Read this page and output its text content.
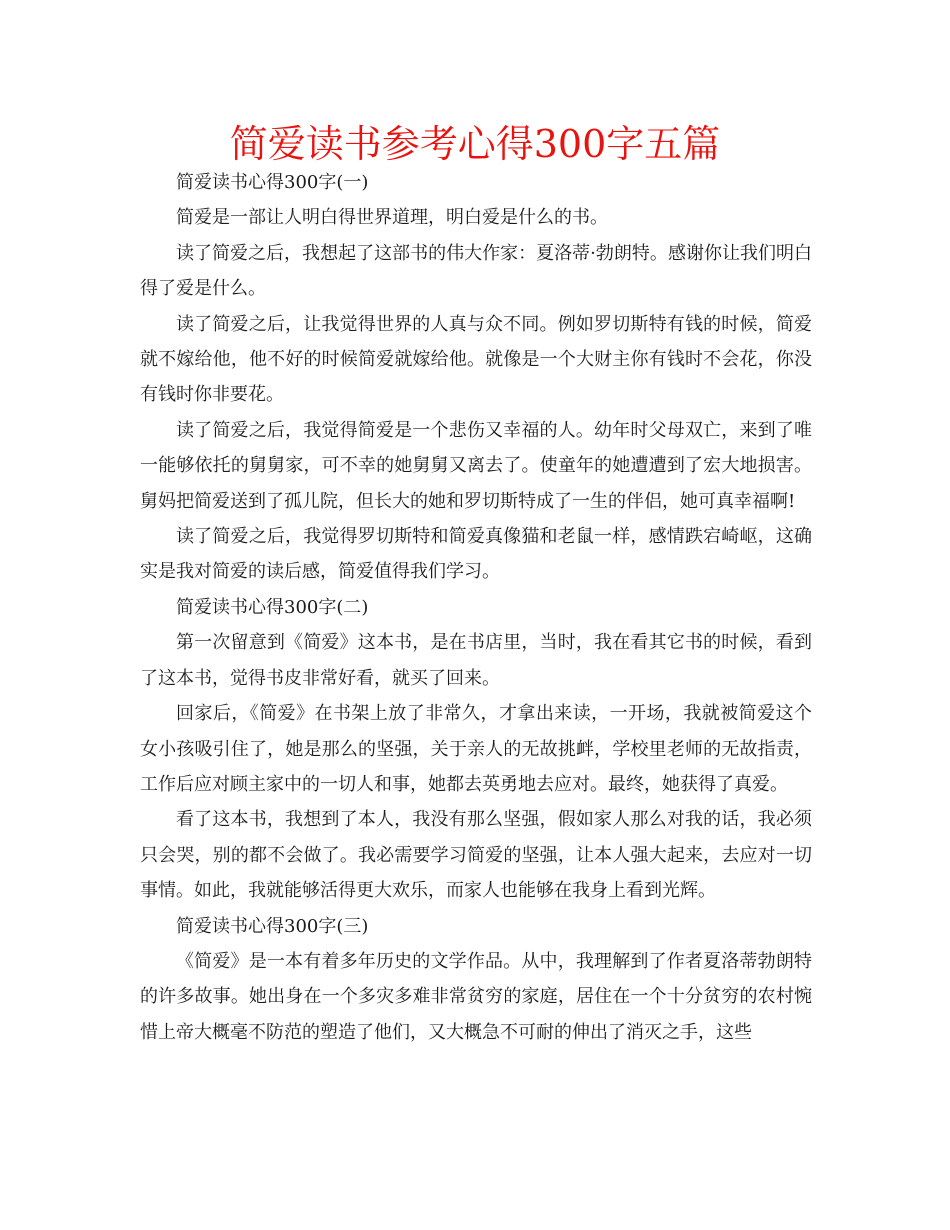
简爱读书参考心得300字五篇

简爱读书心得300字(一)

简爱是一部让人明白得世界道理，明白爱是什么的书。

读了简爱之后，我想起了这部书的伟大作家：夏洛蒂·勃朗特。感谢你让我们明白得了爱是什么。

读了简爱之后，让我觉得世界的人真与众不同。例如罗切斯特有钱的时候，简爱就不嫁给他，他不好的时候简爱就嫁给他。就像是一个大财主你有钱时不会花，你没有钱时你非要花。

读了简爱之后，我觉得简爱是一个悲伤又幸福的人。幼年时父母双亡，来到了唯一能够依托的舅舅家，可不幸的她舅舅又离去了。使童年的她遭遭到了宏大地损害。舅妈把简爱送到了孤儿院，但长大的她和罗切斯特成了一生的伴侣，她可真幸福啊!

读了简爱之后，我觉得罗切斯特和简爱真像猫和老鼠一样，感情跌宕崎岖，这确实是我对简爱的读后感，简爱值得我们学习。

简爱读书心得300字(二)

第一次留意到《简爱》这本书，是在书店里，当时，我在看其它书的时候，看到了这本书，觉得书皮非常好看，就买了回来。

回家后，《简爱》在书架上放了非常久，才拿出来读，一开场，我就被简爱这个女小孩吸引住了，她是那么的坚强，关于亲人的无故挑衅，学校里老师的无故指责，工作后应对顾主家中的一切人和事，她都去英勇地去应对。最终，她获得了真爱。

看了这本书，我想到了本人，我没有那么坚强，假如家人那么对我的话，我必须只会哭，别的都不会做了。我必需要学习简爱的坚强，让本人强大起来，去应对一切事情。如此，我就能够活得更大欢乐，而家人也能够在我身上看到光辉。

简爱读书心得300字(三)

《简爱》是一本有着多年历史的文学作品。从中，我理解到了作者夏洛蒂勃朗特的许多故事。她出身在一个多灾多难非常贫穷的家庭，居住在一个十分贫穷的农村惋惜上帝大概毫不防范的塑造了他们，又大概急不可耐的伸出了消灭之手，这些
